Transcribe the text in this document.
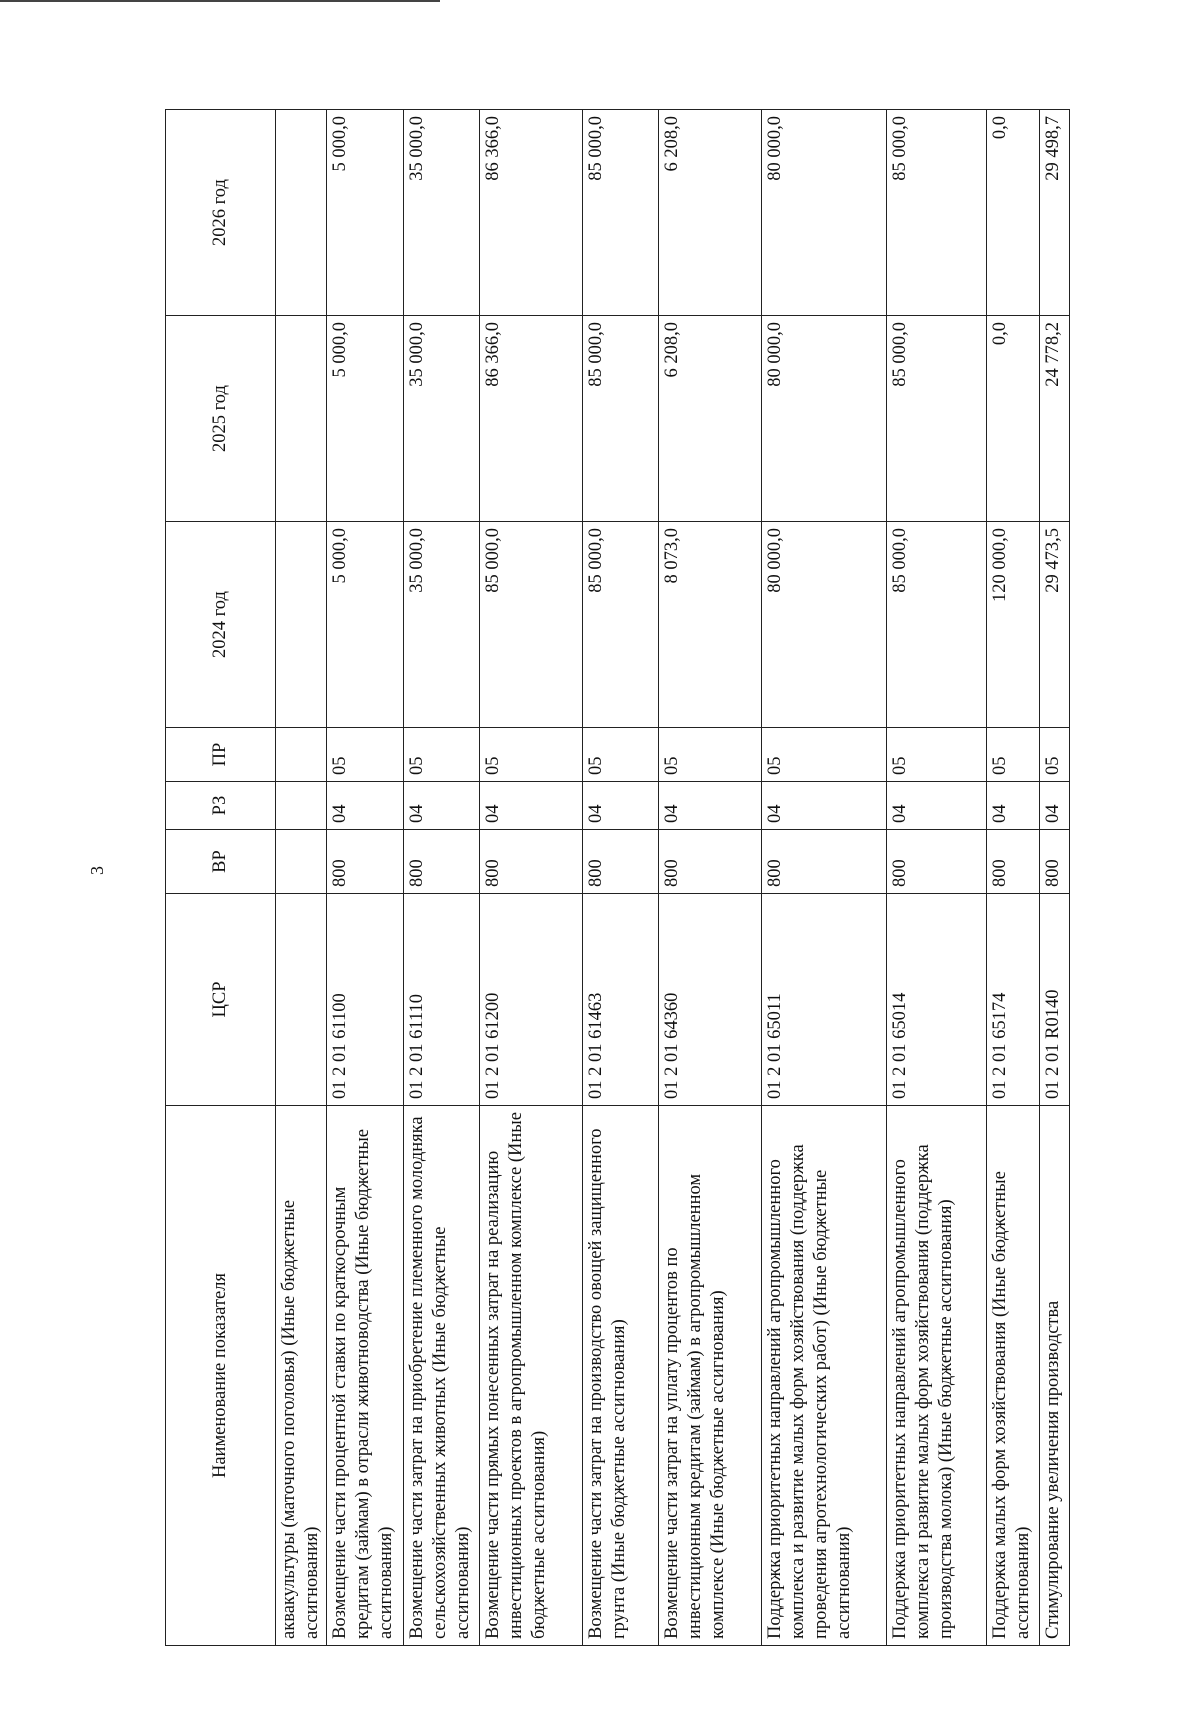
3
Наименование показателя	ЦСР	ВР	РЗ	ПР	2024 год	2025 год	2026 год
аквакультуры (маточного поголовья) (Иные бюджетные ассигнования)							
Возмещение части процентной ставки по краткосрочным кредитам (займам) в отрасли животноводства (Иные бюджетные ассигнования)	01 2 01 61100	800	04	05	5 000,0	5 000,0	5 000,0
Возмещение части затрат на приобретение племенного молодняка сельскохозяйственных животных (Иные бюджетные ассигнования)	01 2 01 61110	800	04	05	35 000,0	35 000,0	35 000,0
Возмещение части прямых понесенных затрат на реализацию инвестиционных проектов в агропромышленном комплексе (Иные бюджетные ассигнования)	01 2 01 61200	800	04	05	85 000,0	86 366,0	86 366,0
Возмещение части затрат на производство овощей защищенного грунта (Иные бюджетные ассигнования)	01 2 01 61463	800	04	05	85 000,0	85 000,0	85 000,0
Возмещение части затрат на уплату процентов по инвестиционным кредитам (займам) в агропромышленном комплексе (Иные бюджетные ассигнования)	01 2 01 64360	800	04	05	8 073,0	6 208,0	6 208,0
Поддержка приоритетных направлений агропромышленного комплекса и развитие малых форм хозяйствования (поддержка проведения агротехнологических работ) (Иные бюджетные ассигнования)	01 2 01 65011	800	04	05	80 000,0	80 000,0	80 000,0
Поддержка приоритетных направлений агропромышленного комплекса и развитие малых форм хозяйствования (поддержка производства молока) (Иные бюджетные ассигнования)	01 2 01 65014	800	04	05	85 000,0	85 000,0	85 000,0
Поддержка малых форм хозяйствования (Иные бюджетные ассигнования)	01 2 01 65174	800	04	05	120 000,0	0,0	0,0
Стимулирование увеличения производства	01 2 01 R0140	800	04	05	29 473,5	24 778,2	29 498,7
